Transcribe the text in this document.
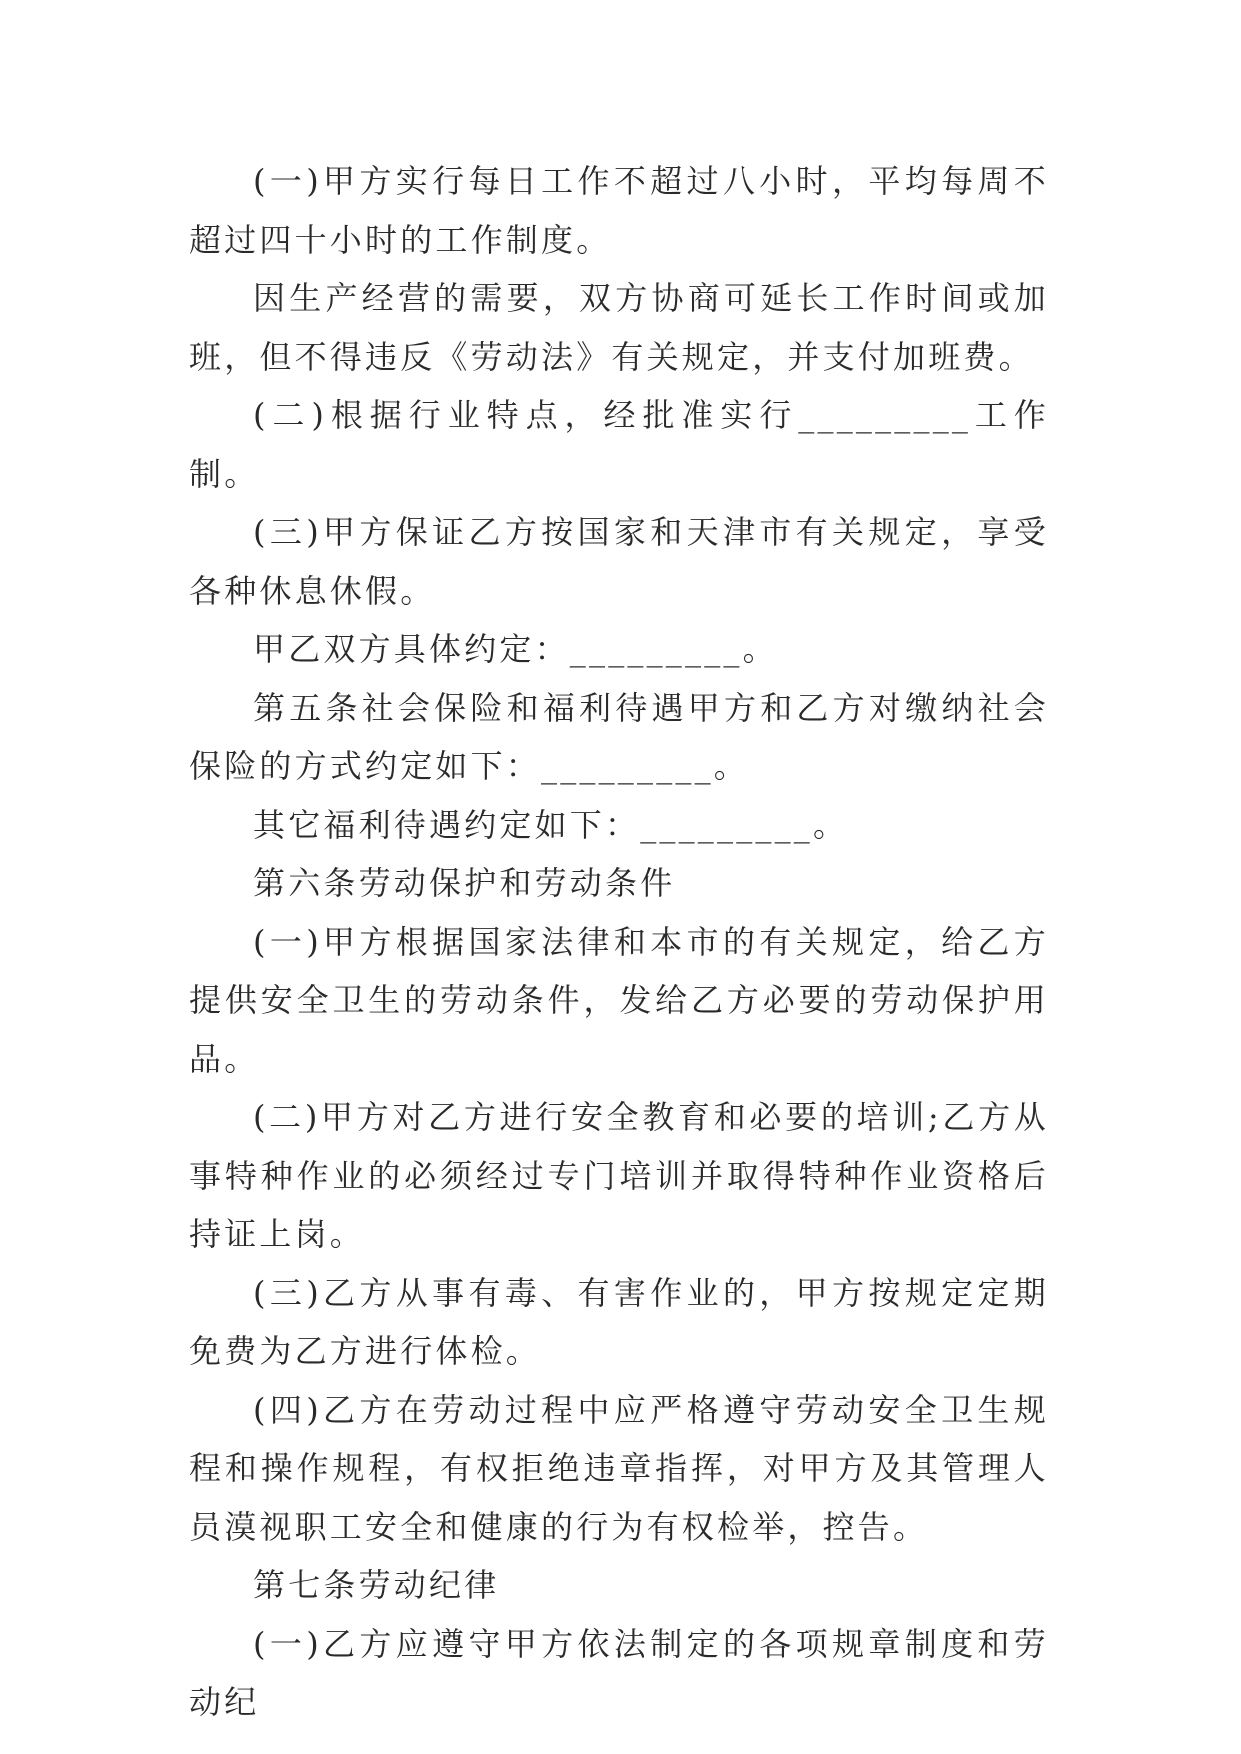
(一)甲方实行每日工作不超过八小时，平均每周不超过四十小时的工作制度。

因生产经营的需要，双方协商可延长工作时间或加班，但不得违反《劳动法》有关规定，并支付加班费。

(二)根据行业特点，经批准实行_________工作制。

(三)甲方保证乙方按国家和天津市有关规定，享受各种休息休假。

甲乙双方具体约定：_________。

第五条社会保险和福利待遇甲方和乙方对缴纳社会保险的方式约定如下：_________。

其它福利待遇约定如下：_________。

第六条劳动保护和劳动条件

(一)甲方根据国家法律和本市的有关规定，给乙方提供安全卫生的劳动条件，发给乙方必要的劳动保护用品。

(二)甲方对乙方进行安全教育和必要的培训;乙方从事特种作业的必须经过专门培训并取得特种作业资格后持证上岗。

(三)乙方从事有毒、有害作业的，甲方按规定定期免费为乙方进行体检。

(四)乙方在劳动过程中应严格遵守劳动安全卫生规程和操作规程，有权拒绝违章指挥，对甲方及其管理人员漠视职工安全和健康的行为有权检举，控告。

第七条劳动纪律

(一)乙方应遵守甲方依法制定的各项规章制度和劳动纪
